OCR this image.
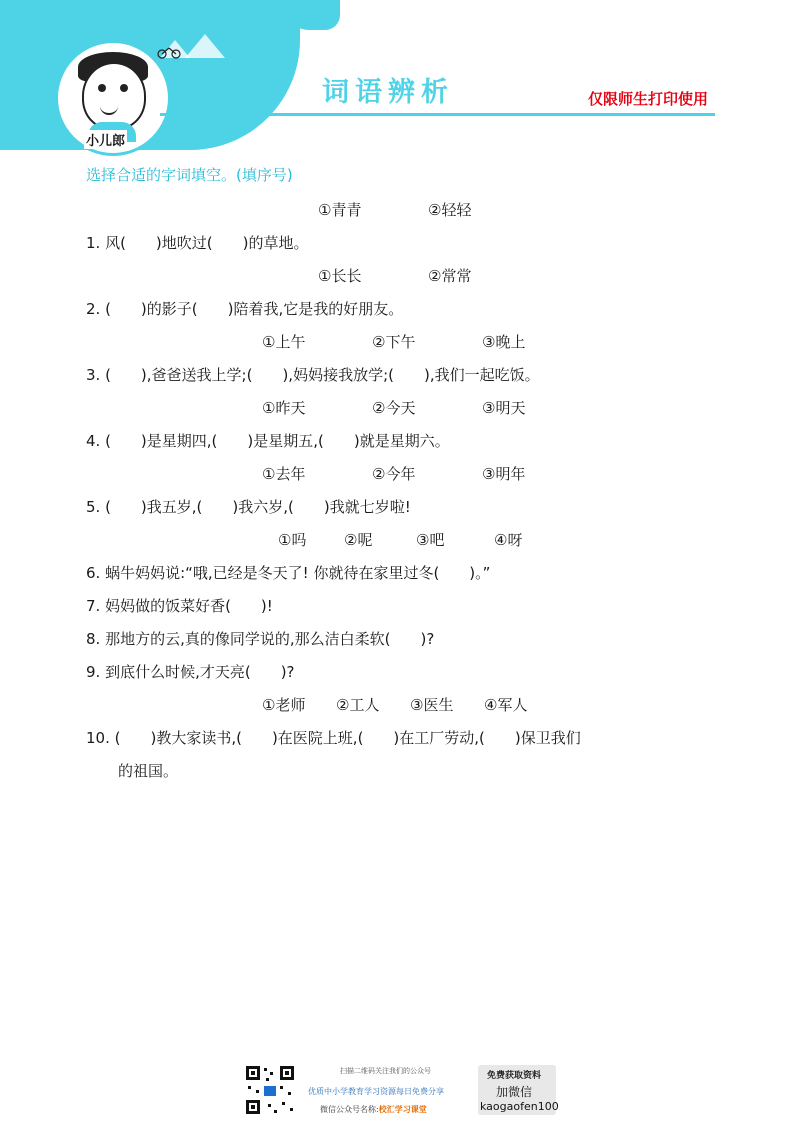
小儿郎
词语辨析	仅限师生打印使用
选择合适的字词填空。(填序号)
①青青	②轻轻
1. 风(　　)地吹过(　　)的草地。
①长长	②常常
2. (　　)的影子(　　)陪着我,它是我的好朋友。
①上午	②下午	③晚上
3. (　　),爸爸送我上学;(　　),妈妈接我放学;(　　),我们一起吃饭。
①昨天	②今天	③明天
4. (　　)是星期四,(　　)是星期五,(　　)就是星期六。
①去年	②今年	③明年
5. (　　)我五岁,(　　)我六岁,(　　)我就七岁啦!
①吗	②呢	③吧	④呀
6. 蜗牛妈妈说:“哦,已经是冬天了! 你就待在家里过冬(　　)。”
7. 妈妈做的饭菜好香(　　)!
8. 那地方的云,真的像同学说的,那么洁白柔软(　　)?
9. 到底什么时候,才天亮(　　)?
①老师 ②工人 ③医生 ④军人
10. (　　)教大家读书,(　　)在医院上班,(　　)在工厂劳动,(　　)保卫我们
的祖国。
扫描二维码关注我们的公众号
优质中小学教育学习资源每日免费分享
微信公众号名称:校汇学习课堂
免费获取资料
加微信
kaogaofen100
